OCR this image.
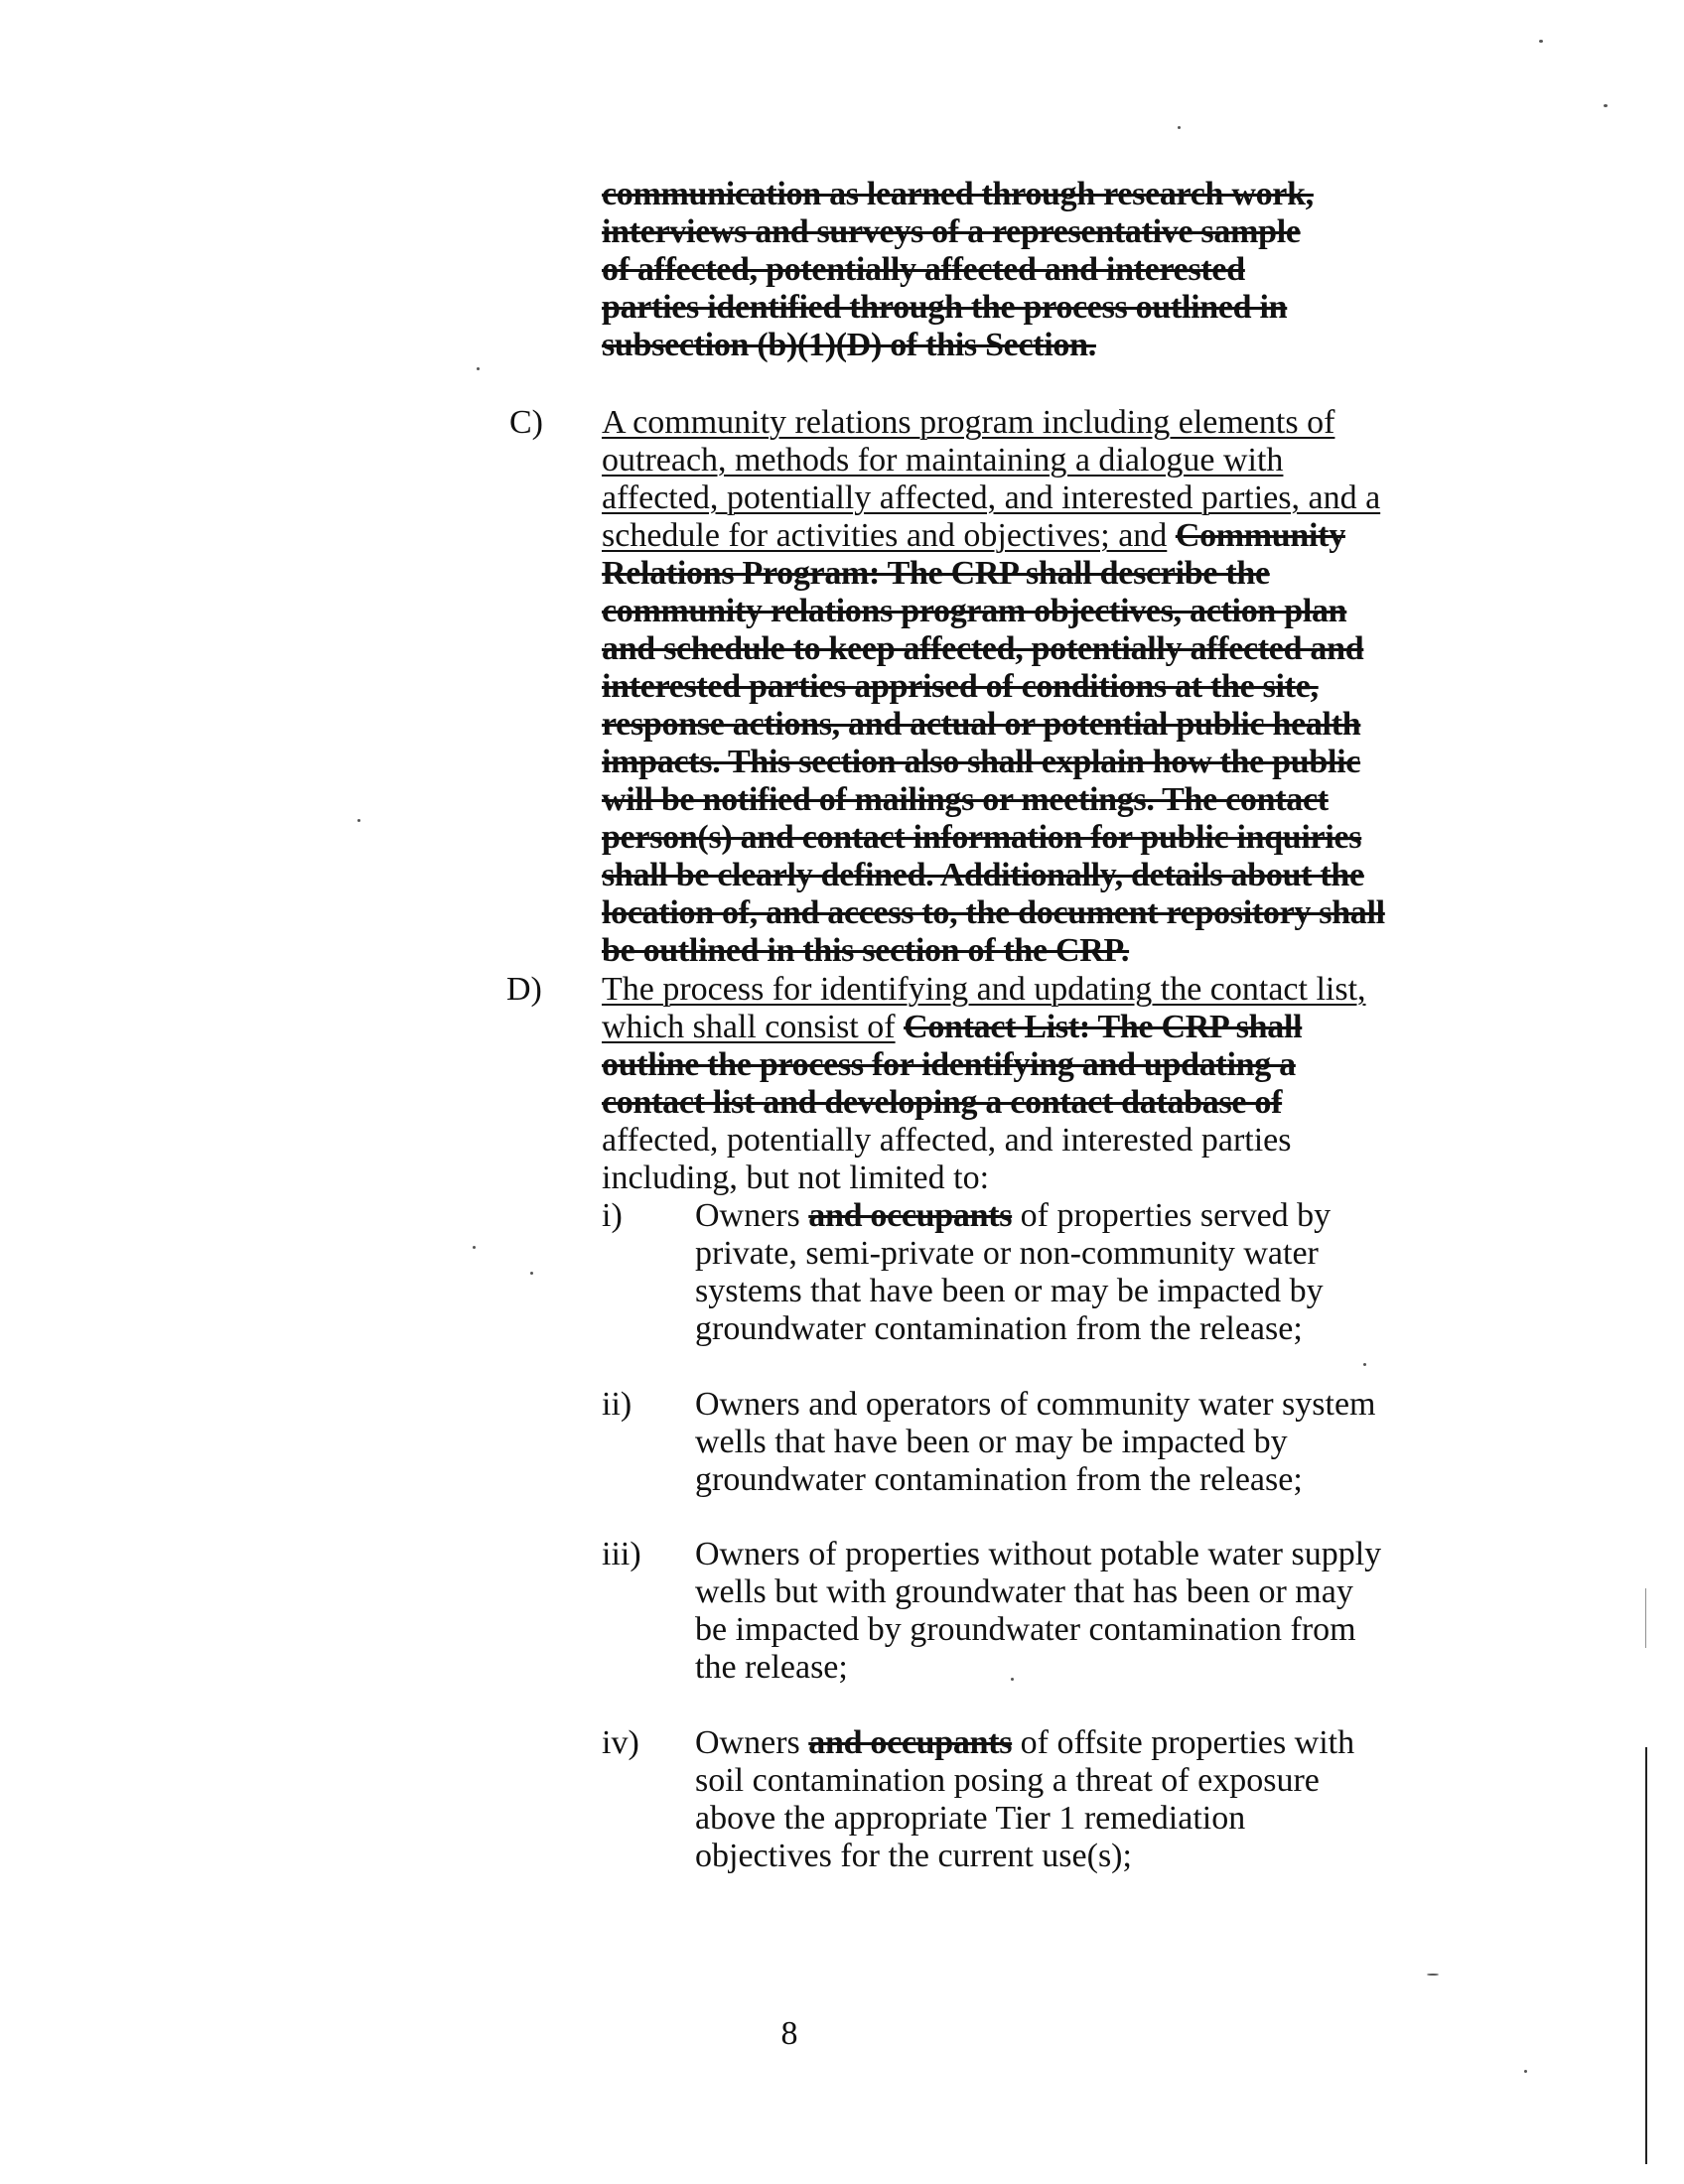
communication as learned through research work, interviews and surveys of a representative sample of affected, potentially affected and interested parties identified through the process outlined in subsection (b)(1)(D) of this Section.

C) A community relations program including elements of outreach, methods for maintaining a dialogue with affected, potentially affected, and interested parties, and a schedule for activities and objectives; and Community Relations Program: The CRP shall describe the community relations program objectives, action plan and schedule to keep affected, potentially affected and interested parties apprised of conditions at the site, response actions, and actual or potential public health impacts. This section also shall explain how the public will be notified of mailings or meetings. The contact person(s) and contact information for public inquiries shall be clearly defined. Additionally, details about the location of, and access to, the document repository shall be outlined in this section of the CRP.

D) The process for identifying and updating the contact list, which shall consist of Contact List: The CRP shall outline the process for identifying and updating a contact list and developing a contact database of affected, potentially affected, and interested parties including, but not limited to:

i) Owners and occupants of properties served by private, semi-private or non-community water systems that have been or may be impacted by groundwater contamination from the release;

ii) Owners and operators of community water system wells that have been or may be impacted by groundwater contamination from the release;

iii) Owners of properties without potable water supply wells but with groundwater that has been or may be impacted by groundwater contamination from the release;

iv) Owners and occupants of offsite properties with soil contamination posing a threat of exposure above the appropriate Tier 1 remediation objectives for the current use(s);

8
